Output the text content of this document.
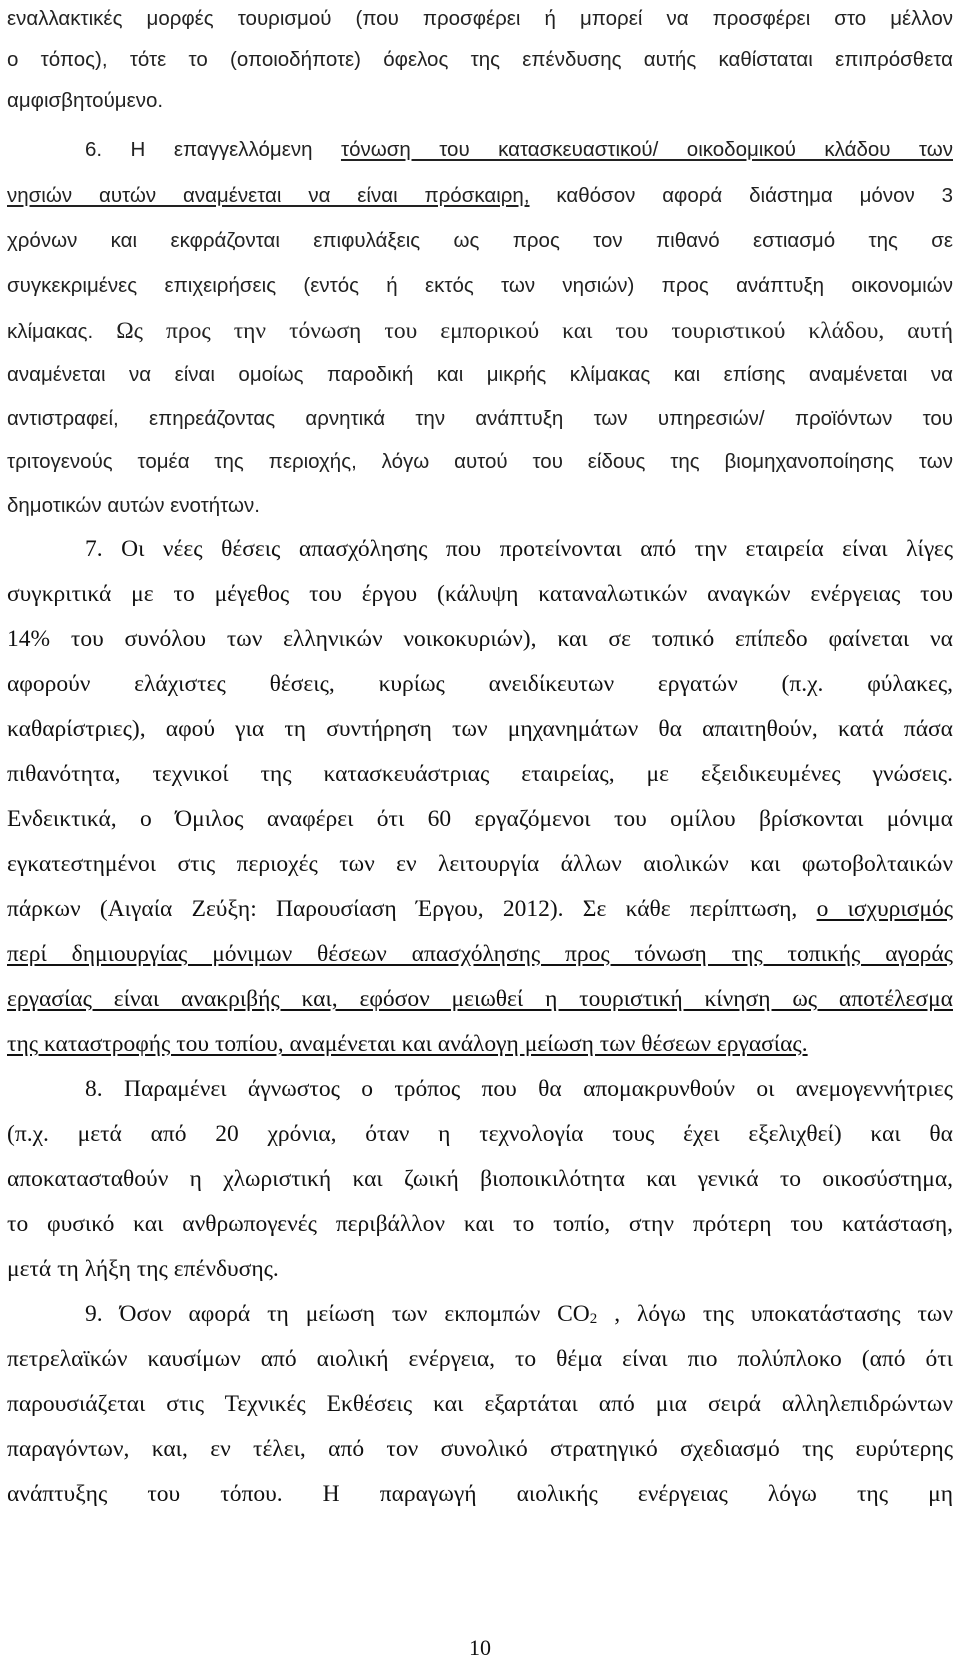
εναλλακτικές μορφές τουρισμού (που προσφέρει ή μπορεί να προσφέρει στο μέλλον
ο τόπος), τότε το (οποιοδήποτε) όφελος της επένδυσης αυτής καθίσταται επιπρόσθετα
αμφισβητούμενο.
6. Η επαγγελλόμενη τόνωση του κατασκευαστικού/ οικοδομικού κλάδου των
νησιών αυτών αναμένεται να είναι πρόσκαιρη, καθόσον αφορά διάστημα μόνον 3
χρόνων και εκφράζονται επιφυλάξεις ως προς τον πιθανό εστιασμό της σε
συγκεκριμένες επιχειρήσεις (εντός ή εκτός των νησιών) προς ανάπτυξη οικονομιών
κλίμακας. Ως προς την τόνωση του εμπορικού και του τουριστικού κλάδου, αυτή
αναμένεται να είναι ομοίως παροδική και μικρής κλίμακας και επίσης αναμένεται να
αντιστραφεί, επηρεάζοντας αρνητικά την ανάπτυξη των υπηρεσιών/ προϊόντων του
τριτογενούς τομέα της περιοχής, λόγω αυτού του είδους της βιομηχανοποίησης των
δημοτικών αυτών ενοτήτων.
7. Οι νέες θέσεις απασχόλησης που προτείνονται από την εταιρεία είναι λίγες
συγκριτικά με το μέγεθος του έργου (κάλυψη καταναλωτικών αναγκών ενέργειας του
14% του συνόλου των ελληνικών νοικοκυριών), και σε τοπικό επίπεδο φαίνεται να
αφορούν ελάχιστες θέσεις, κυρίως ανειδίκευτων εργατών (π.χ. φύλακες,
καθαρίστριες), αφού για τη συντήρηση των μηχανημάτων θα απαιτηθούν, κατά πάσα
πιθανότητα, τεχνικοί της κατασκευάστριας εταιρείας, με εξειδικευμένες γνώσεις.
Ενδεικτικά, ο Όμιλος αναφέρει ότι 60 εργαζόμενοι του ομίλου βρίσκονται μόνιμα
εγκατεστημένοι στις περιοχές των εν λειτουργία άλλων αιολικών και φωτοβολταικών
πάρκων (Αιγαία Ζεύξη: Παρουσίαση Έργου, 2012). Σε κάθε περίπτωση, ο ισχυρισμός
περί δημιουργίας μόνιμων θέσεων απασχόλησης προς τόνωση της τοπικής αγοράς
εργασίας είναι ανακριβής και, εφόσον μειωθεί η τουριστική κίνηση ως αποτέλεσμα
της καταστροφής του τοπίου, αναμένεται και ανάλογη μείωση των θέσεων εργασίας.
8. Παραμένει άγνωστος ο τρόπος που θα απομακρυνθούν οι ανεμογεννήτριες
(π.χ. μετά από 20 χρόνια, όταν η τεχνολογία τους έχει εξελιχθεί) και θα
αποκατασταθούν η χλωριστική και ζωική βιοποικιλότητα και γενικά το οικοσύστημα,
το φυσικό και ανθρωπογενές περιβάλλον και το τοπίο, στην πρότερη του κατάσταση,
μετά τη λήξη της επένδυσης.
9. Όσον αφορά τη μείωση των εκπομπών $CO_2$ , λόγω της υποκατάστασης των
πετρελαϊκών καυσίμων από αιολική ενέργεια, το θέμα είναι πιο πολύπλοκο (από ότι
παρουσιάζεται στις Τεχνικές Εκθέσεις και εξαρτάται από μια σειρά αλληλεπιδρώντων
παραγόντων, και, εν τέλει, από τον συνολικό στρατηγικό σχεδιασμό της ευρύτερης
ανάπτυξης του τόπου. Η παραγωγή αιολικής ενέργειας λόγω της μη
10
